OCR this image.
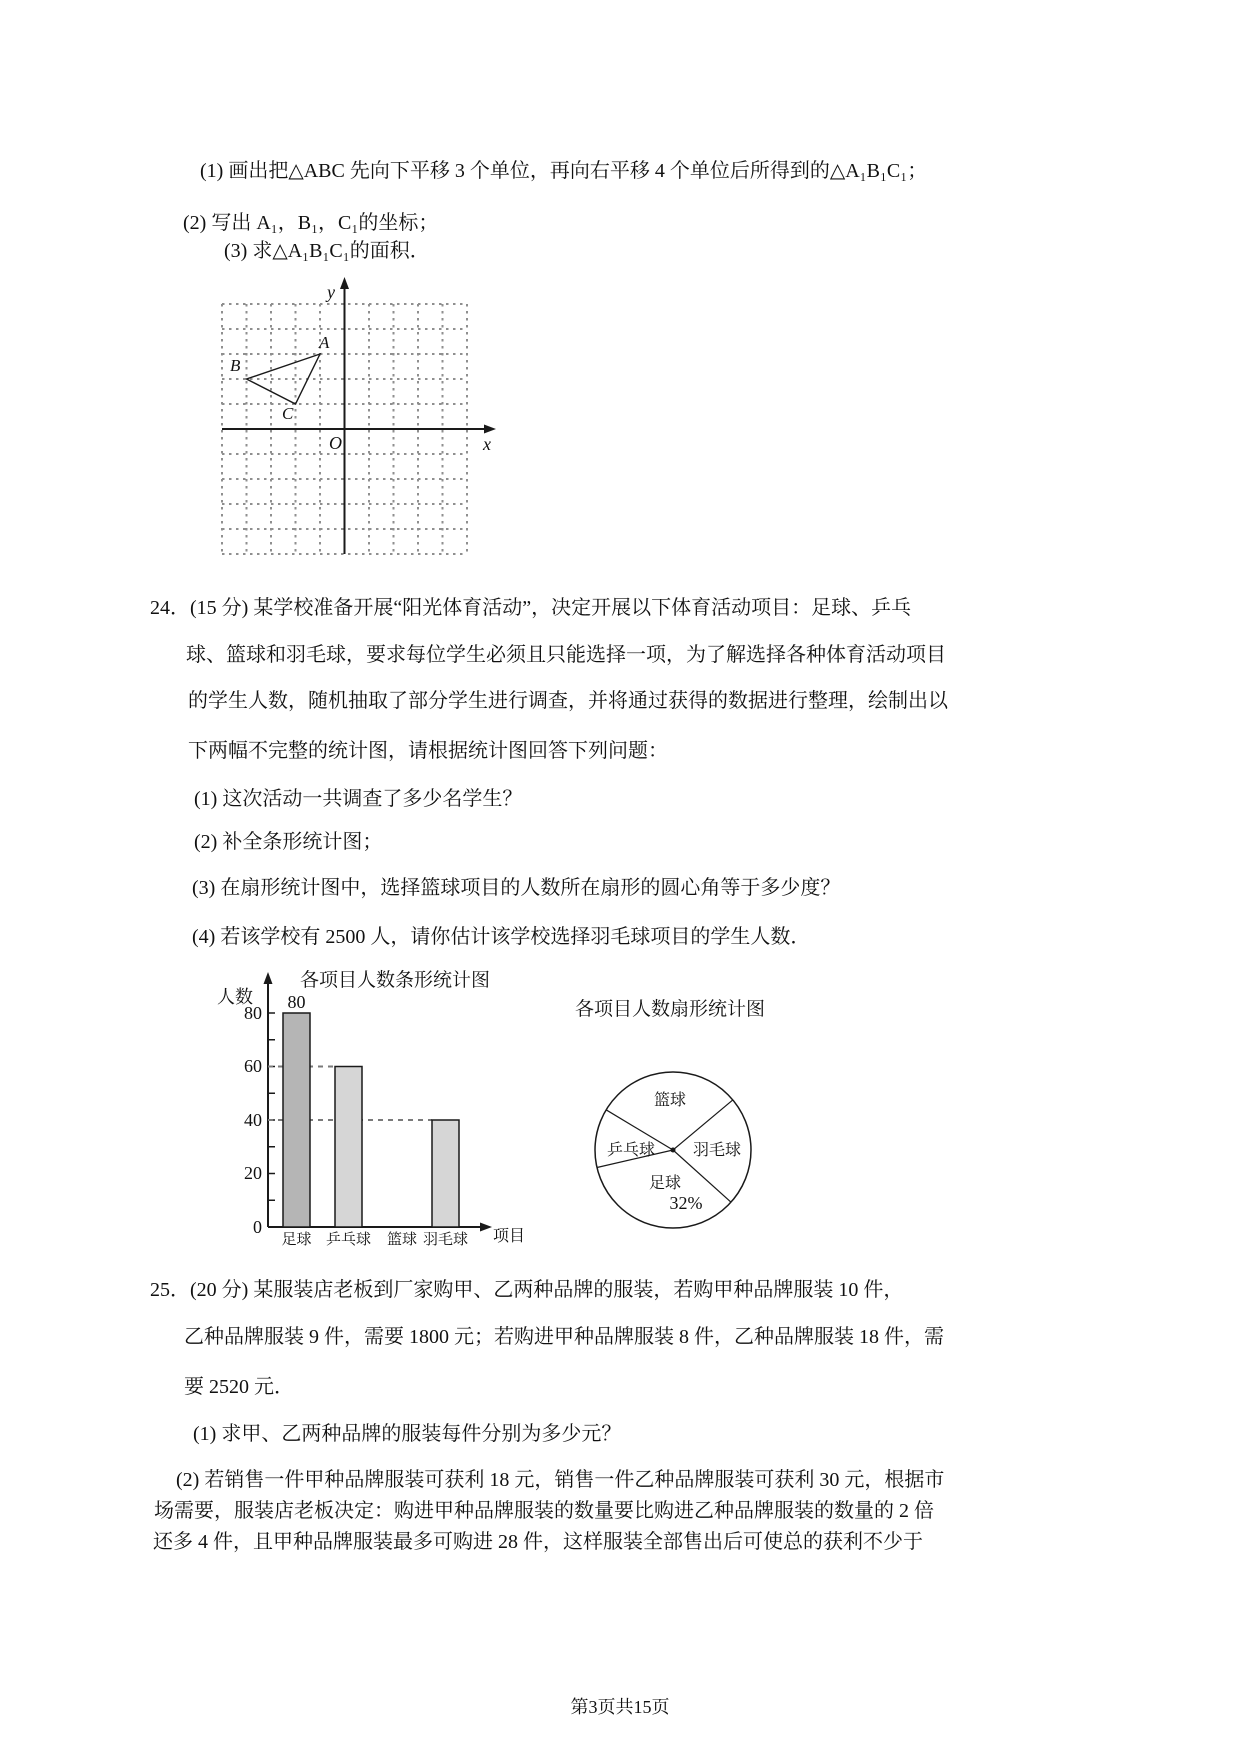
(1) 画出把△ABC 先向下平移 3 个单位，再向右平移 4 个单位后所得到的△A₁B₁C₁；
(2) 写出 A₁，B₁，C₁的坐标；
(3) 求△A₁B₁C₁的面积．
y
x
O
A
B
C
24．(15 分) 某学校准备开展“阳光体育活动”，决定开展以下体育活动项目：足球、乒乓
球、篮球和羽毛球，要求每位学生必须且只能选择一项，为了解选择各种体育活动项目
的学生人数，随机抽取了部分学生进行调查，并将通过获得的数据进行整理，绘制出以
下两幅不完整的统计图，请根据统计图回答下列问题：
(1) 这次活动一共调查了多少名学生？
(2) 补全条形统计图；
(3) 在扇形统计图中，选择篮球项目的人数所在扇形的圆心角等于多少度？
(4) 若该学校有 2500 人，请你估计该学校选择羽毛球项目的学生人数．
各项目人数条形统计图
人数
80
60
40
20
0
80
足球 乒乓球 篮球 羽毛球 项目
各项目人数扇形统计图
篮球
乒乓球 羽毛球
足球
32%
25．(20 分) 某服装店老板到厂家购甲、乙两种品牌的服装，若购甲种品牌服装 10 件，
乙种品牌服装 9 件，需要 1800 元；若购进甲种品牌服装 8 件，乙种品牌服装 18 件，需
要 2520 元．
(1) 求甲、乙两种品牌的服装每件分别为多少元？
(2) 若销售一件甲种品牌服装可获利 18 元，销售一件乙种品牌服装可获利 30 元，根据市
场需要，服装店老板决定：购进甲种品牌服装的数量要比购进乙种品牌服装的数量的 2 倍
还多 4 件，且甲种品牌服装最多可购进 28 件，这样服装全部售出后可使总的获利不少于
第3页共15页
